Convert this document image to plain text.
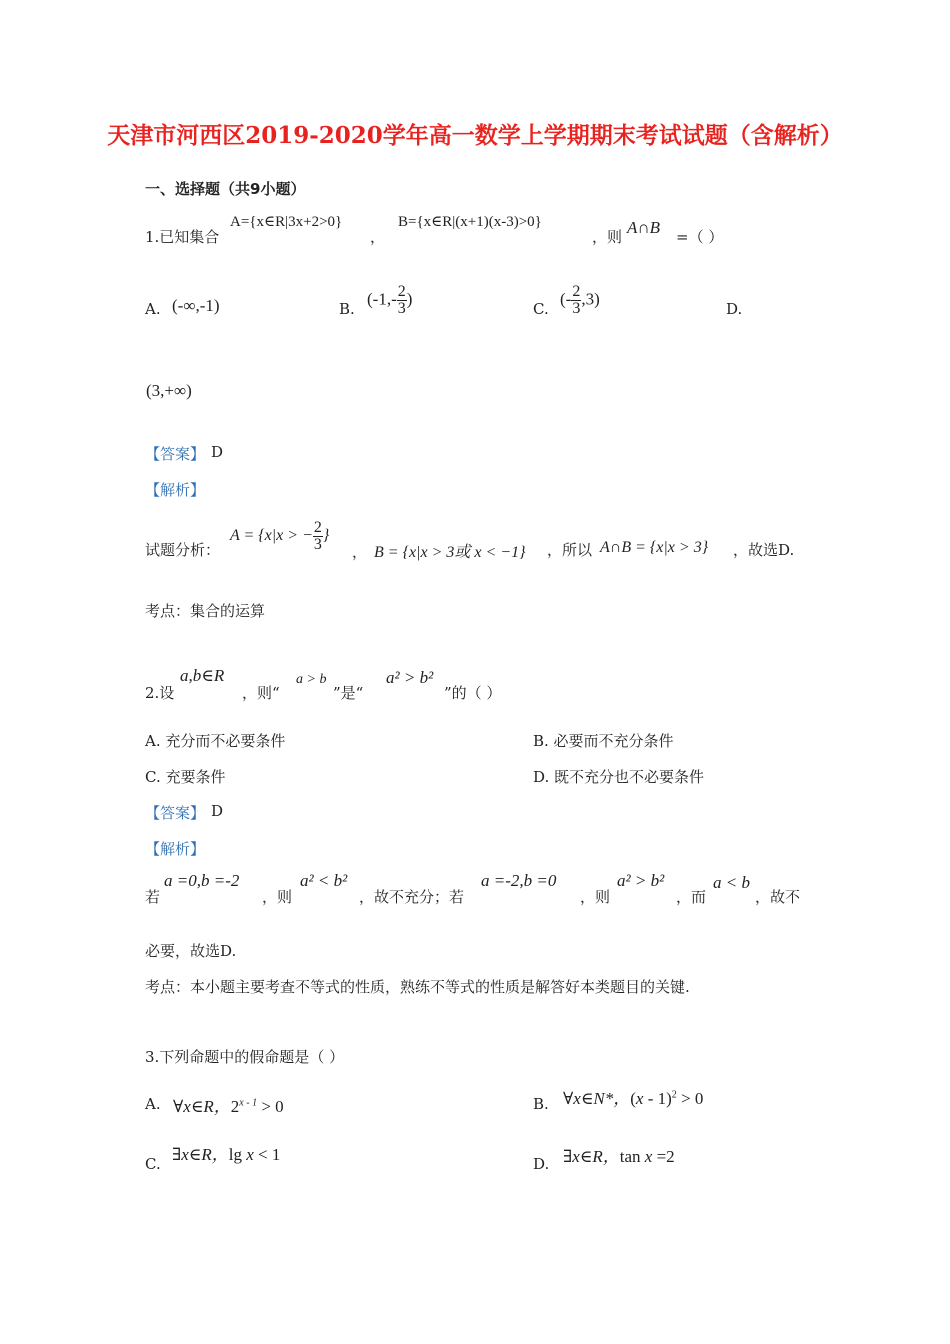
天津市河西区2019-2020学年高一数学上学期期末考试试题（含解析）
一、选择题（共9小题）
1.已知集合
A={x∈R|3x+2>0}
，
B={x∈R|(x+1)(x-3)>0}
，则 A∩B =（ ）
A. (-∞,-1)	B.
($-1,- \frac{2}{3}$ )
C.
(- $\frac{2}{3} ,3$)
D.
(3,+∞)
【答案】 D
【解析】
试题分析：
A = {x|x > − $\frac{2}{3}$ }
， B = {x|x > 3或 x < −1} ，所以 A∩B = {x|x > 3} ，故选D.
考点：集合的运算
2.设
a,b∈R
，则“
a > b
”是“
a² > b²
”的（ ）
A. 充分而不必要条件	B. 必要而不充分条件
C. 充要条件	D. 既不充分也不必要条件
【答案】 D
【解析】
若
a =0,b =-2
，则
a² < b²
，故不充分；若
a =-2,b =0
，则
a² > b²
，而
a < b
，故不
必要，故选D.
考点：本小题主要考查不等式的性质，熟练不等式的性质是解答好本类题目的关键.
3.下列命题中的假命题是（ ）
A. ∀x∈R，$2^{x - 1} > 0$	B. ∀x∈N*，(x - 1)$^2$ > 0
C. ∃x∈R，lg x < 1	D. ∃x∈R，tan x =2
